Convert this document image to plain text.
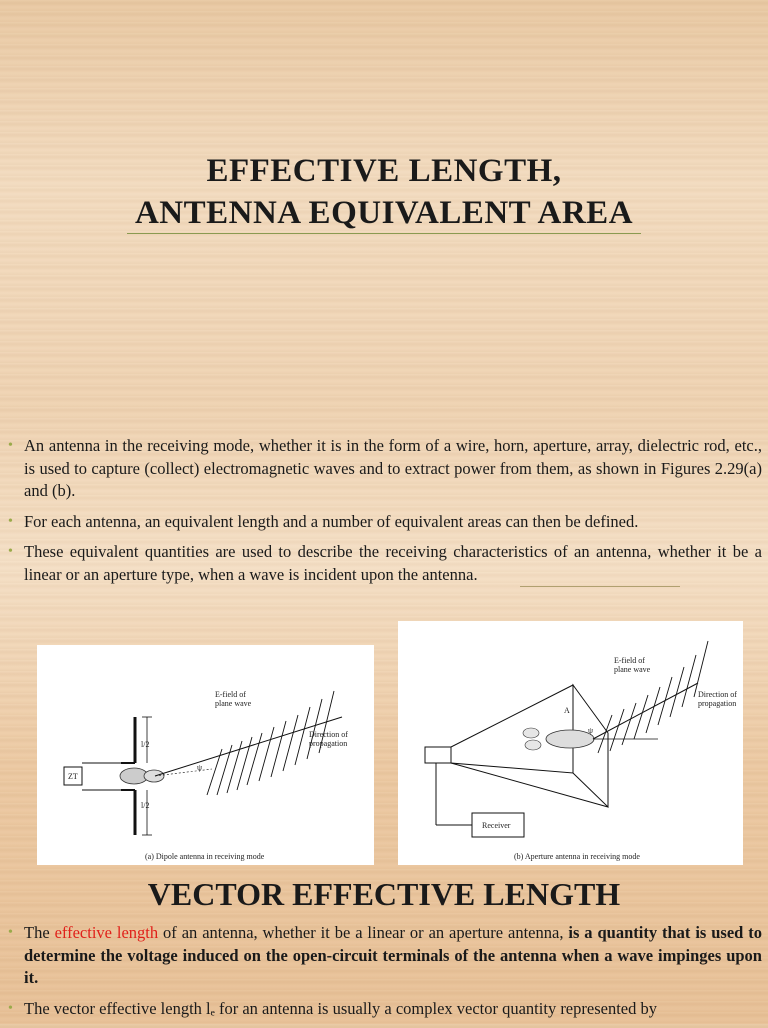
EFFECTIVE LENGTH,
ANTENNA EQUIVALENT AREA
• An antenna in the receiving mode, whether it is in the form of a wire, horn, aperture, array, dielectric rod, etc., is used to capture (collect) electromagnetic waves and to extract power from them, as shown in Figures 2.29(a) and (b).
• For each antenna, an equivalent length and a number of equivalent areas can then be defined.
• These equivalent quantities are used to describe the receiving characteristics of an antenna, whether it be a linear or an aperture type, when a wave is incident upon the antenna.
ZT
l/2
l/2
ψ
E-field of
plane wave
Direction of
propagation
(a) Dipole antenna in receiving mode
A
ψ
E-field of
plane wave
Direction of
propagation
Receiver
(b) Aperture antenna in receiving mode
VECTOR EFFECTIVE LENGTH
• The effective length of an antenna, whether it be a linear or an aperture antenna, is a quantity that is used to determine the voltage induced on the open-circuit terminals of the antenna when a wave impinges upon it.
• The vector effective length lₑ for an antenna is usually a complex vector quantity represented by
